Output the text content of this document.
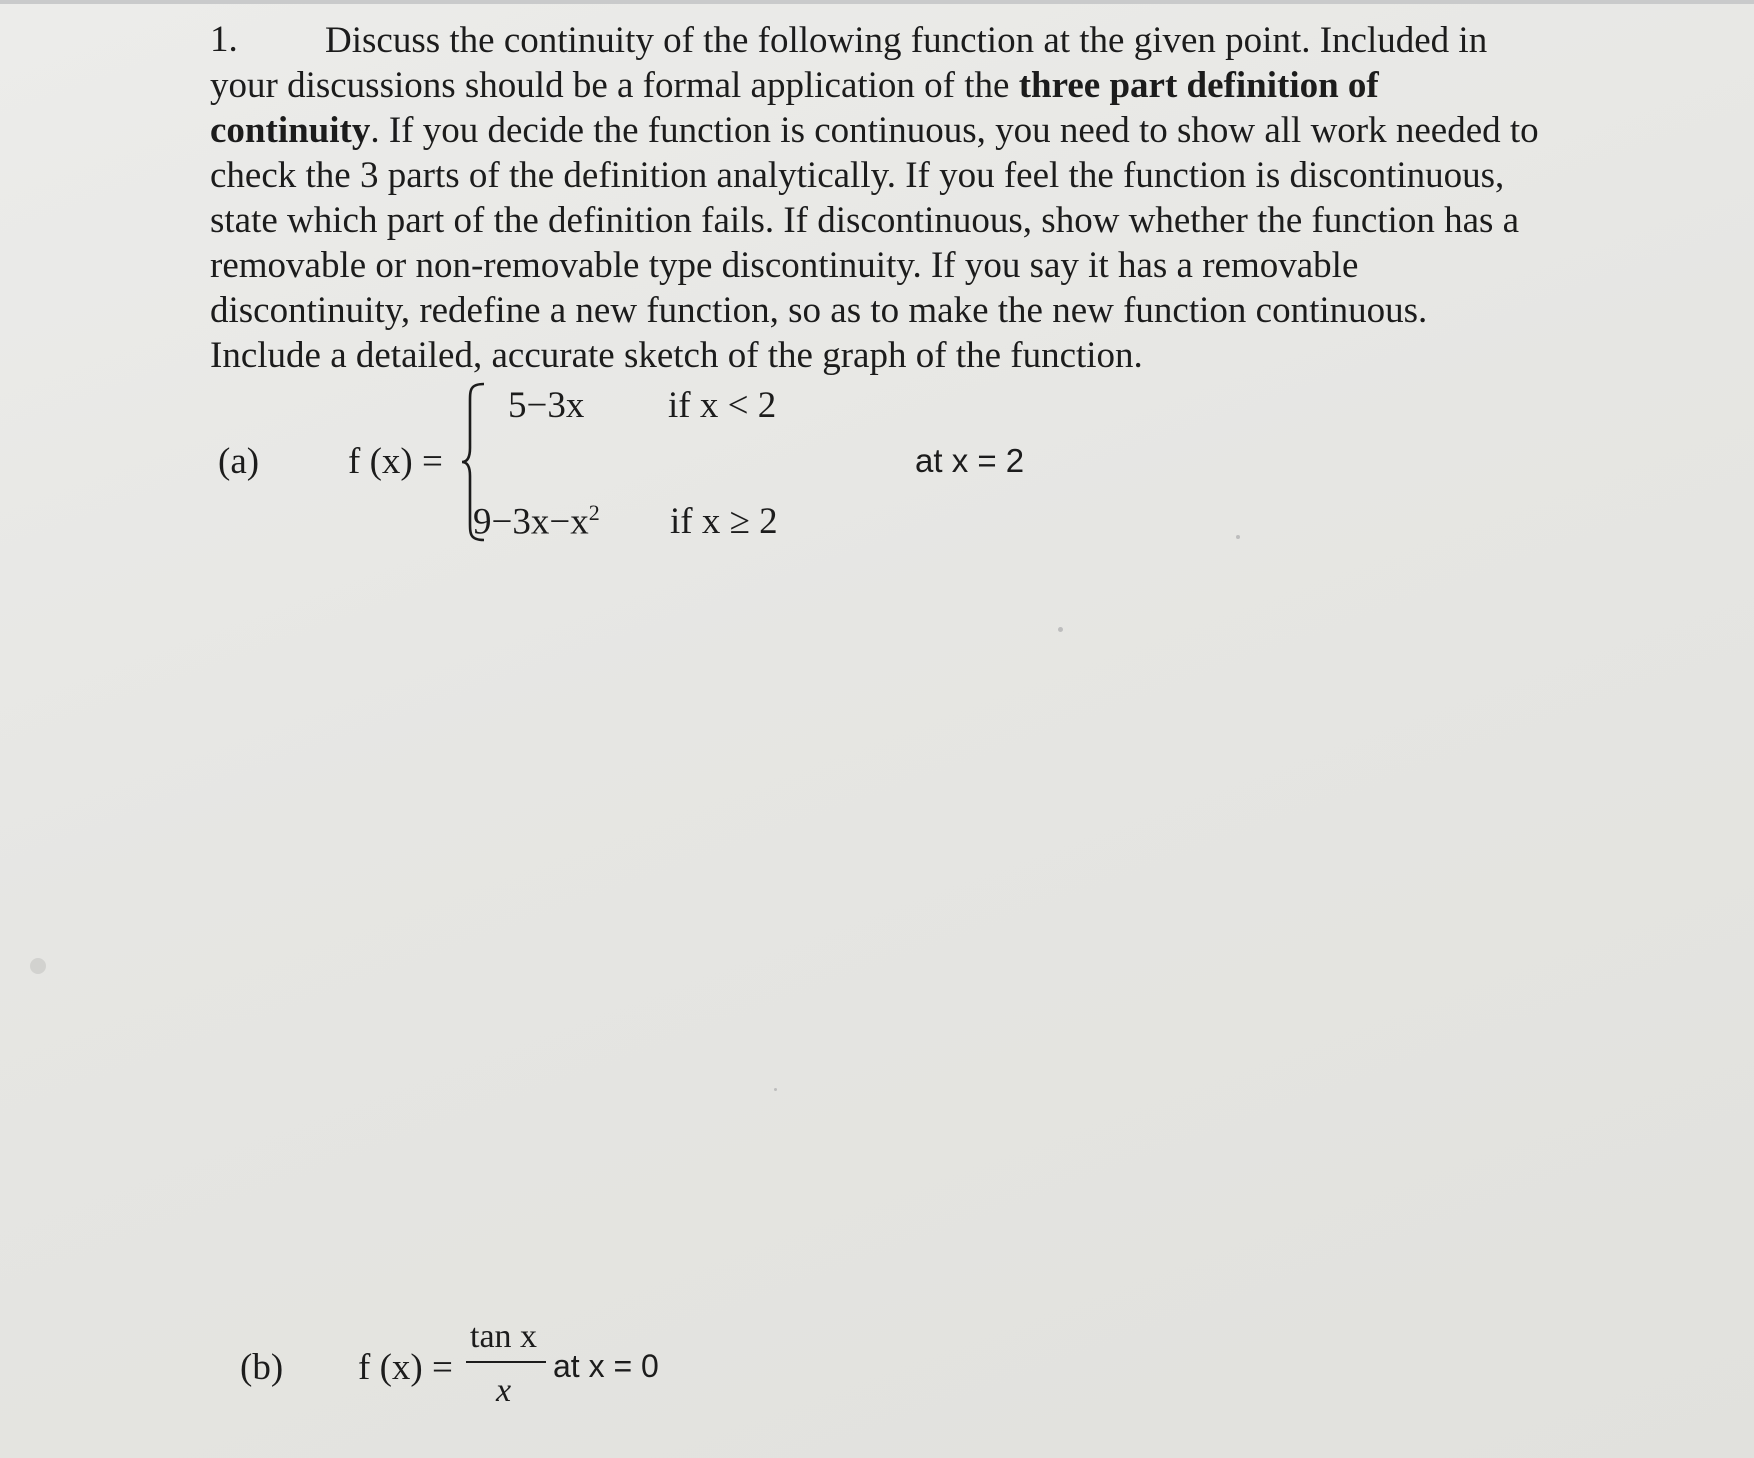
1.	Discuss the continuity of the following function at the given point. Included in
your discussions should be a formal application of the three part definition of
continuity. If you decide the function is continuous, you need to show all work needed to
check the 3 parts of the definition analytically. If you feel the function is discontinuous,
state which part of the definition fails. If discontinuous, show whether the function has a
removable or non-removable type discontinuity. If you say it has a removable
discontinuity, redefine a new function, so as to make the new function continuous.
Include a detailed, accurate sketch of the graph of the function.
(a) f (x) =
5−3x if x < 2
$9-3x-x^2$ if x ≥ 2
at x = 2
(b) f (x) =
tan x
x
at x = 0
